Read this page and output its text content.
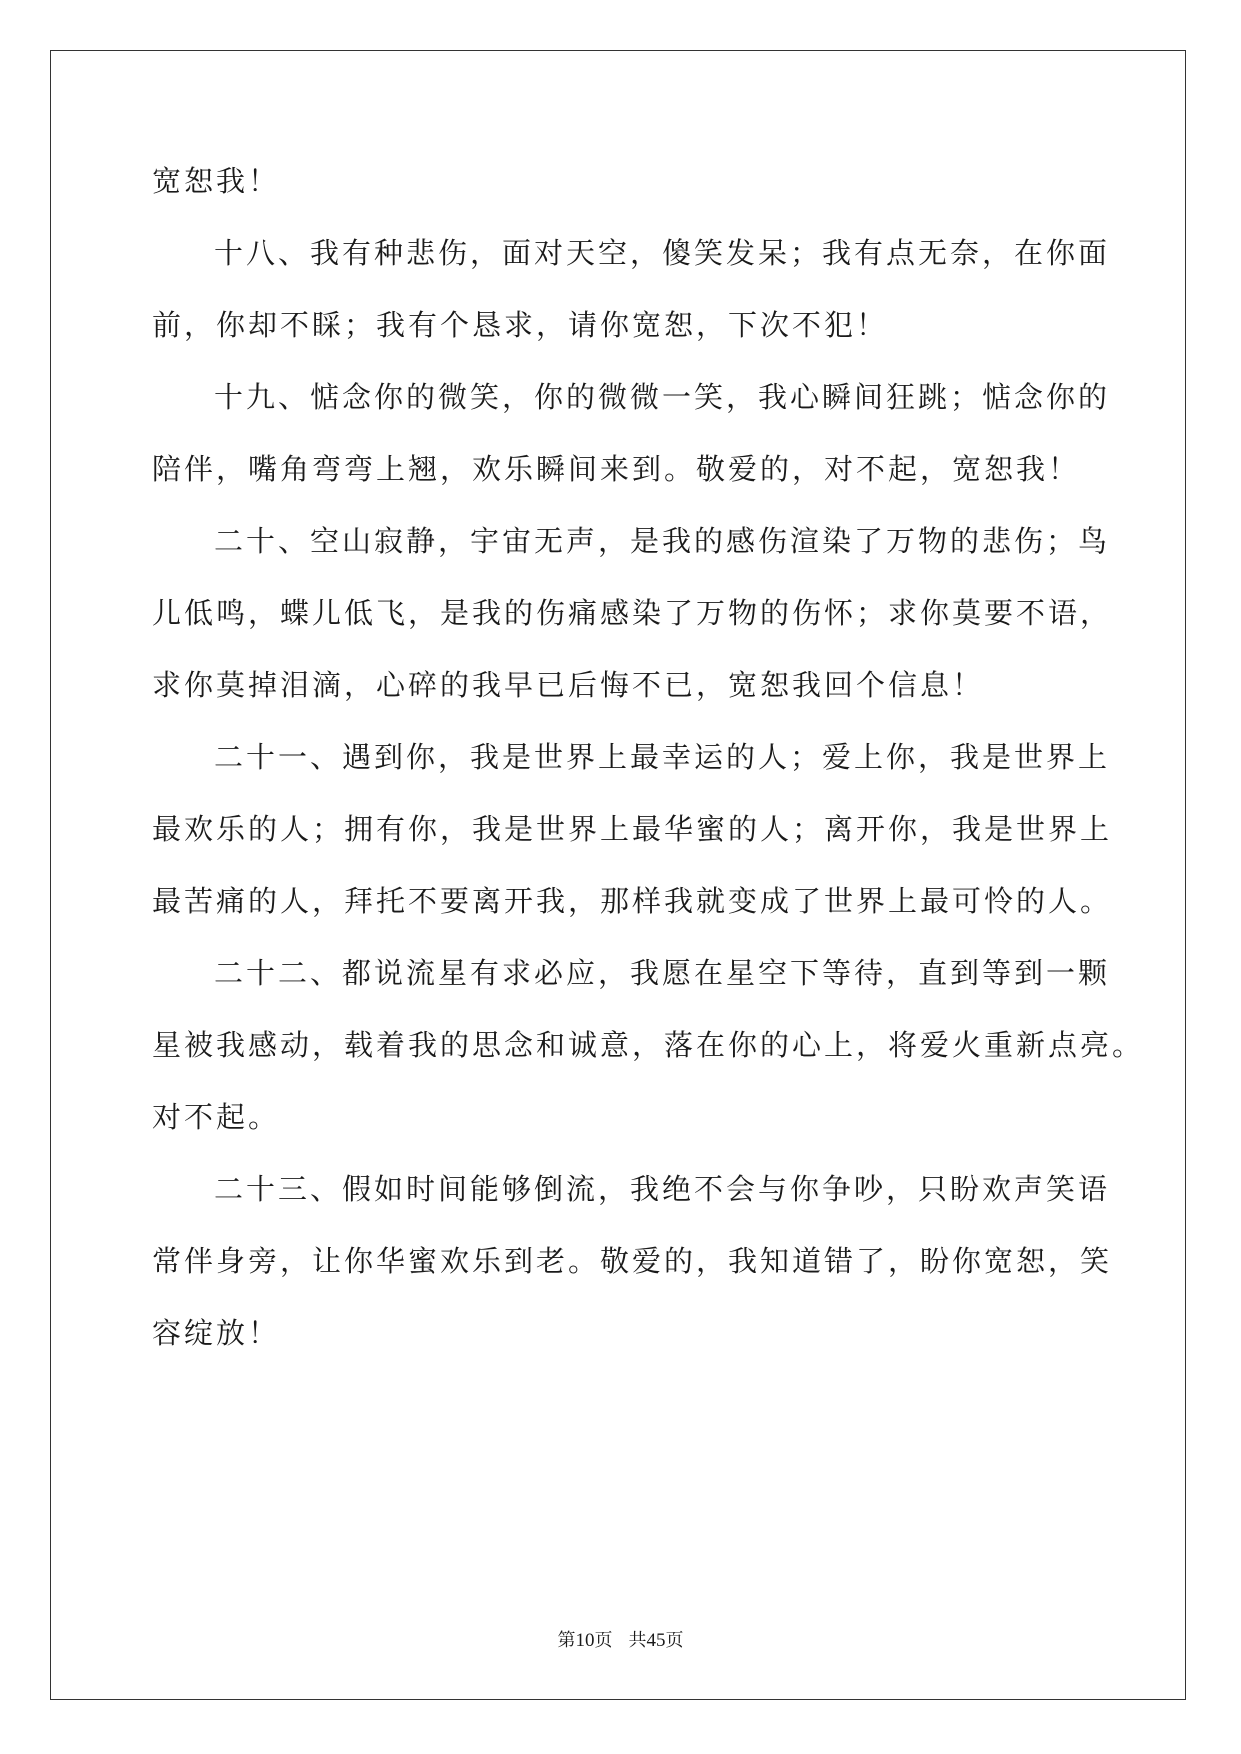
宽恕我！
十八、我有种悲伤，面对天空，傻笑发呆；我有点无奈，在你面
前，你却不睬；我有个恳求，请你宽恕，下次不犯！
十九、惦念你的微笑，你的微微一笑，我心瞬间狂跳；惦念你的
陪伴，嘴角弯弯上翘，欢乐瞬间来到。敬爱的，对不起，宽恕我！
二十、空山寂静，宇宙无声，是我的感伤渲染了万物的悲伤；鸟
儿低鸣，蝶儿低飞，是我的伤痛感染了万物的伤怀；求你莫要不语，
求你莫掉泪滴，心碎的我早已后悔不已，宽恕我回个信息！
二十一、遇到你，我是世界上最幸运的人；爱上你，我是世界上
最欢乐的人；拥有你，我是世界上最华蜜的人；离开你，我是世界上
最苦痛的人，拜托不要离开我，那样我就变成了世界上最可怜的人。
二十二、都说流星有求必应，我愿在星空下等待，直到等到一颗
星被我感动，载着我的思念和诚意，落在你的心上，将爱火重新点亮。
对不起。
二十三、假如时间能够倒流，我绝不会与你争吵，只盼欢声笑语
常伴身旁，让你华蜜欢乐到老。敬爱的，我知道错了，盼你宽恕，笑
容绽放！
第10页 共45页
